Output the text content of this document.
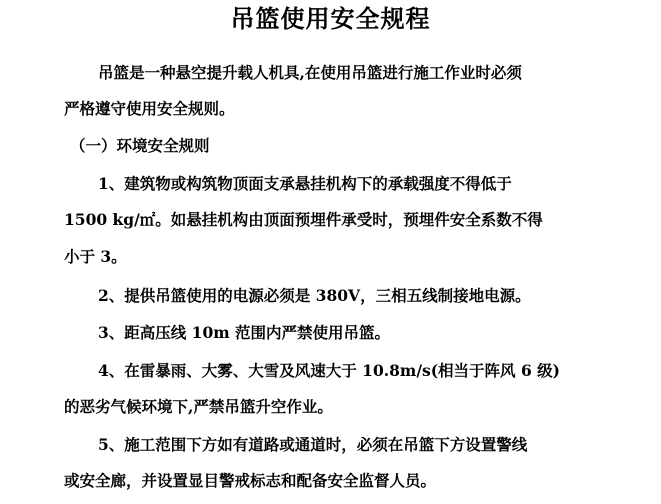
吊篮使用安全规程

吊篮是一种悬空提升载人机具,在使用吊篮进行施工作业时必须

严格遵守使用安全规则。

（一）环境安全规则

1、建筑物或构筑物顶面支承悬挂机构下的承载强度不得低于

1500 kg/㎡。如悬挂机构由顶面预埋件承受时，预埋件安全系数不得

小于 3。

2、提供吊篮使用的电源必须是 380V，三相五线制接地电源。

3、距高压线 10m 范围内严禁使用吊篮。

4、在雷暴雨、大雾、大雪及风速大于 10.8m/s(相当于阵风 6 级)

的恶劣气候环境下,严禁吊篮升空作业。

5、施工范围下方如有道路或通道时，必须在吊篮下方设置警线

或安全廊，并设置显目警戒标志和配备安全监督人员。
